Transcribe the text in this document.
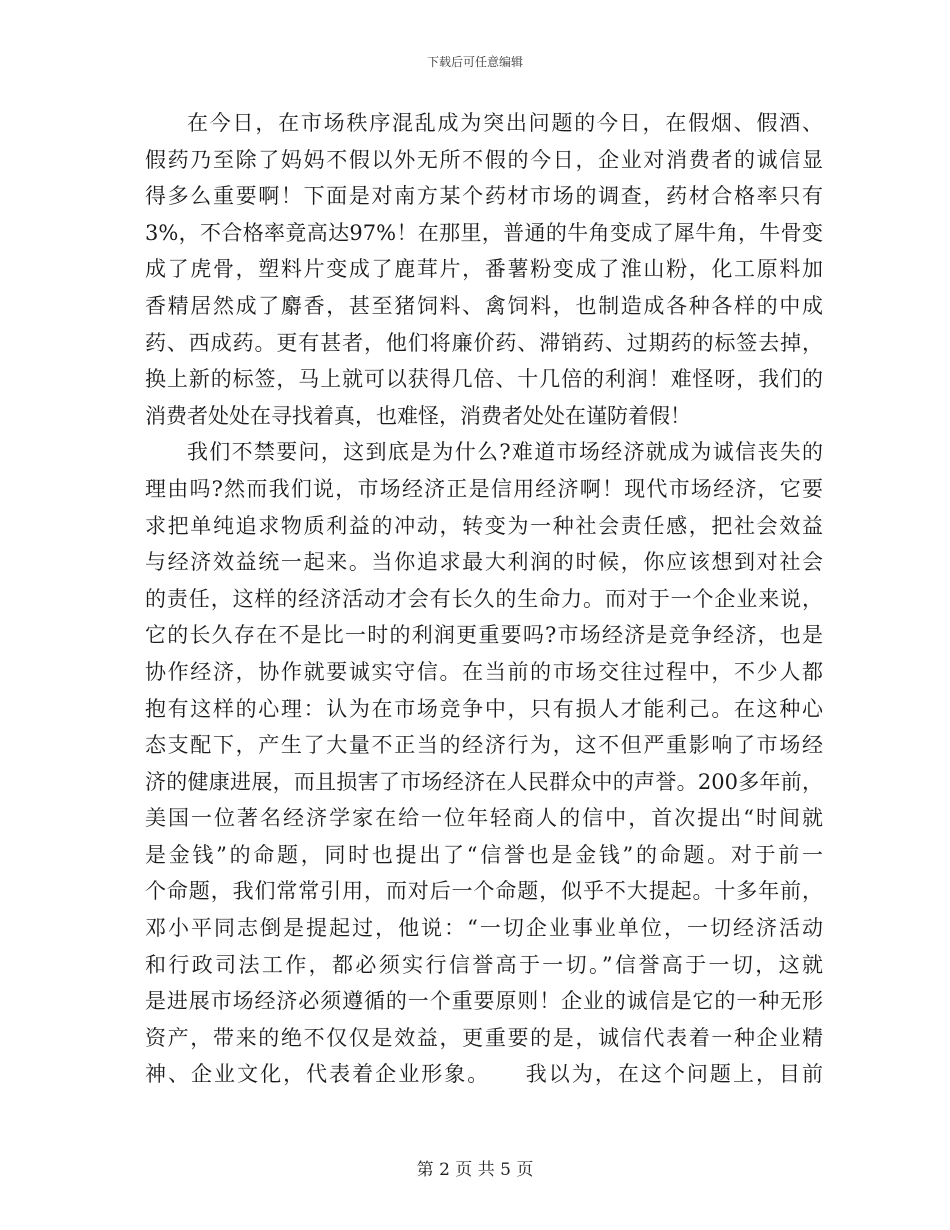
下载后可任意编辑
在今日，在市场秩序混乱成为突出问题的今日，在假烟、假酒、
假药乃至除了妈妈不假以外无所不假的今日，企业对消费者的诚信显
得多么重要啊！下面是对南方某个药材市场的调查，药材合格率只有
3%，不合格率竟高达97%！在那里，普通的牛角变成了犀牛角，牛骨变
成了虎骨，塑料片变成了鹿茸片，番薯粉变成了淮山粉，化工原料加
香精居然成了麝香，甚至猪饲料、禽饲料，也制造成各种各样的中成
药、西成药。更有甚者，他们将廉价药、滞销药、过期药的标签去掉，
换上新的标签，马上就可以获得几倍、十几倍的利润！难怪呀，我们的
消费者处处在寻找着真，也难怪，消费者处处在谨防着假！
我们不禁要问，这到底是为什么?难道市场经济就成为诚信丧失的
理由吗?然而我们说，市场经济正是信用经济啊！现代市场经济，它要
求把单纯追求物质利益的冲动，转变为一种社会责任感，把社会效益
与经济效益统一起来。当你追求最大利润的时候，你应该想到对社会
的责任，这样的经济活动才会有长久的生命力。而对于一个企业来说，
它的长久存在不是比一时的利润更重要吗?市场经济是竞争经济，也是
协作经济，协作就要诚实守信。在当前的市场交往过程中，不少人都
抱有这样的心理：认为在市场竞争中，只有损人才能利己。在这种心
态支配下，产生了大量不正当的经济行为，这不但严重影响了市场经
济的健康进展，而且损害了市场经济在人民群众中的声誉。200多年前，
美国一位著名经济学家在给一位年轻商人的信中，首次提出“时间就
是金钱”的命题，同时也提出了“信誉也是金钱”的命题。对于前一
个命题，我们常常引用，而对后一个命题，似乎不大提起。十多年前，
邓小平同志倒是提起过，他说：“一切企业事业单位，一切经济活动
和行政司法工作，都必须实行信誉高于一切。”信誉高于一切，这就
是进展市场经济必须遵循的一个重要原则！企业的诚信是它的一种无形
资产，带来的绝不仅仅是效益，更重要的是，诚信代表着一种企业精
神、企业文化，代表着企业形象。　　我以为，在这个问题上，目前
第 2 页 共 5 页
